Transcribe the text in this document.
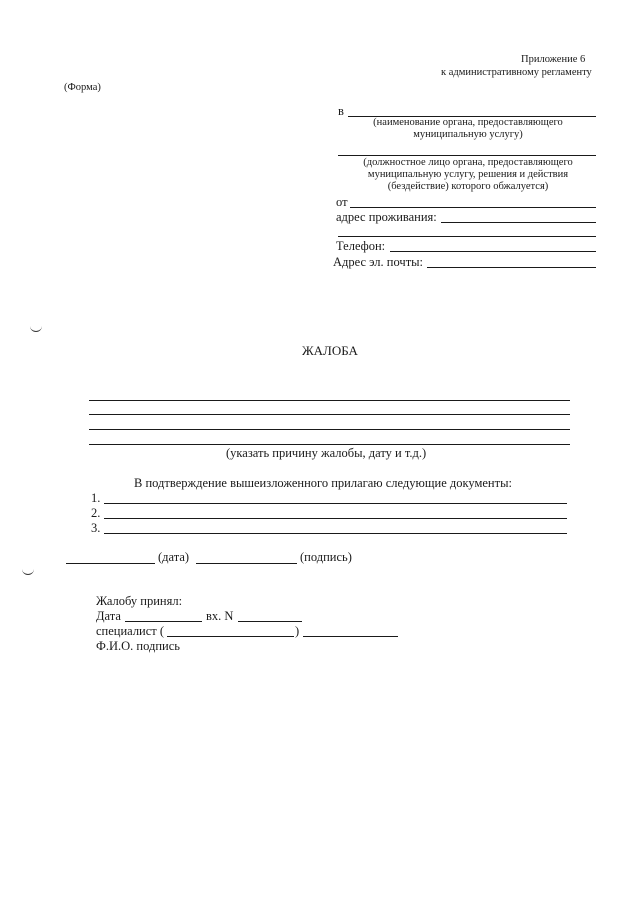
Приложение 6
к административному регламенту
(Форма)
в
(наименование органа, предоставляющего
муниципальную услугу)
(должностное лицо органа, предоставляющего
муниципальную услугу, решения и действия
(бездействие) которого обжалуется)
от
адрес проживания:
Телефон:
Адрес эл. почты:
ЖАЛОБА
(указать причину жалобы, дату и т.д.)
В подтверждение вышеизложенного прилагаю следующие документы:
1.
2.
3.
(дата)	(подпись)
Жалобу принял:
Дата	вх. N
специалист (	)
Ф.И.О. подпись
